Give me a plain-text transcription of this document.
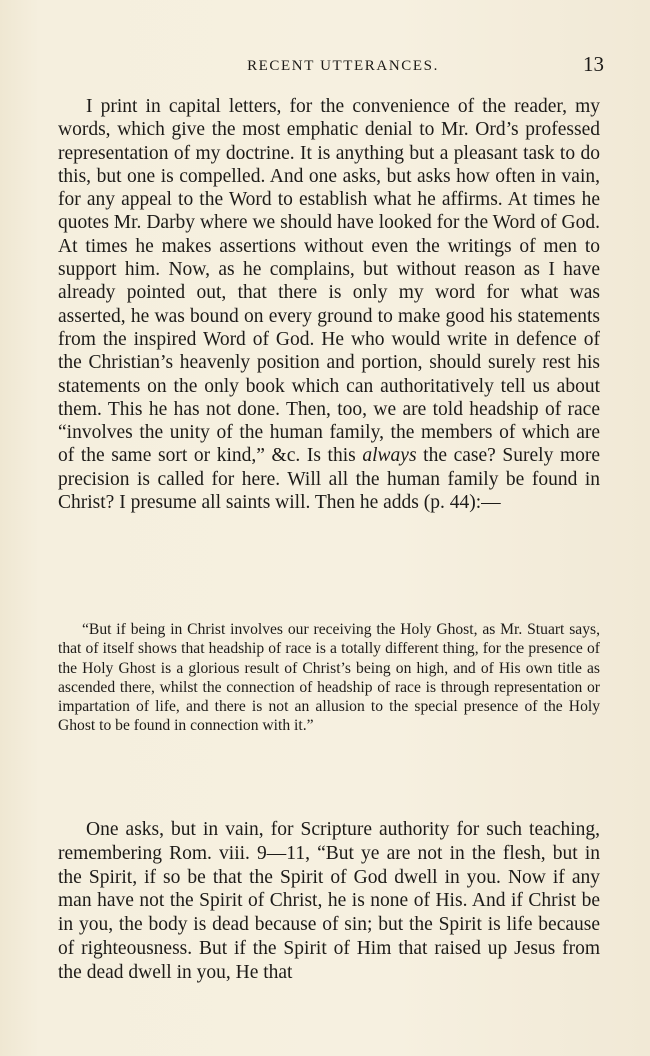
RECENT UTTERANCES.	13

I print in capital letters, for the convenience of the reader, my words, which give the most emphatic denial to Mr. Ord’s professed representation of my doctrine. It is anything but a pleasant task to do this, but one is compelled. And one asks, but asks how often in vain, for any appeal to the Word to establish what he affirms. At times he quotes Mr. Darby where we should have looked for the Word of God. At times he makes assertions without even the writings of men to support him. Now, as he complains, but without reason as I have already pointed out, that there is only my word for what was asserted, he was bound on every ground to make good his statements from the inspired Word of God. He who would write in defence of the Christian’s heavenly position and portion, should surely rest his statements on the only book which can authoritatively tell us about them. This he has not done. Then, too, we are told headship of race “involves the unity of the human family, the members of which are of the same sort or kind,” &c. Is this always the case? Surely more precision is called for here. Will all the human family be found in Christ? I presume all saints will. Then he adds (p. 44):—

“But if being in Christ involves our receiving the Holy Ghost, as Mr. Stuart says, that of itself shows that headship of race is a totally different thing, for the presence of the Holy Ghost is a glorious result of Christ’s being on high, and of His own title as ascended there, whilst the connection of headship of race is through representation or impartation of life, and there is not an allusion to the special presence of the Holy Ghost to be found in connection with it.”

One asks, but in vain, for Scripture authority for such teaching, remembering Rom. viii. 9—11, “But ye are not in the flesh, but in the Spirit, if so be that the Spirit of God dwell in you. Now if any man have not the Spirit of Christ, he is none of His. And if Christ be in you, the body is dead because of sin; but the Spirit is life because of righteousness. But if the Spirit of Him that raised up Jesus from the dead dwell in you, He that
